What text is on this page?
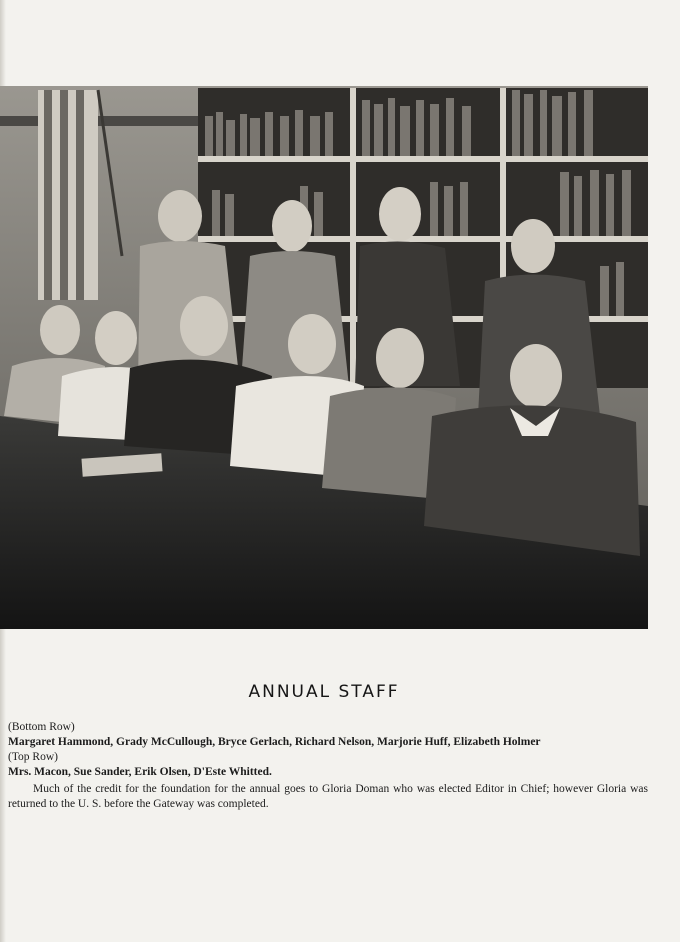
ANNUAL STAFF

(Bottom Row)

Margaret Hammond, Grady McCullough, Bryce Gerlach, Richard Nelson, Marjorie Huff, Elizabeth Holmer

(Top Row)

Mrs. Macon, Sue Sander, Erik Olsen, D'Este Whitted.

Much of the credit for the foundation for the annual goes to Gloria Doman who was elected Editor in Chief; however Gloria was returned to the U. S. before the Gateway was completed.
